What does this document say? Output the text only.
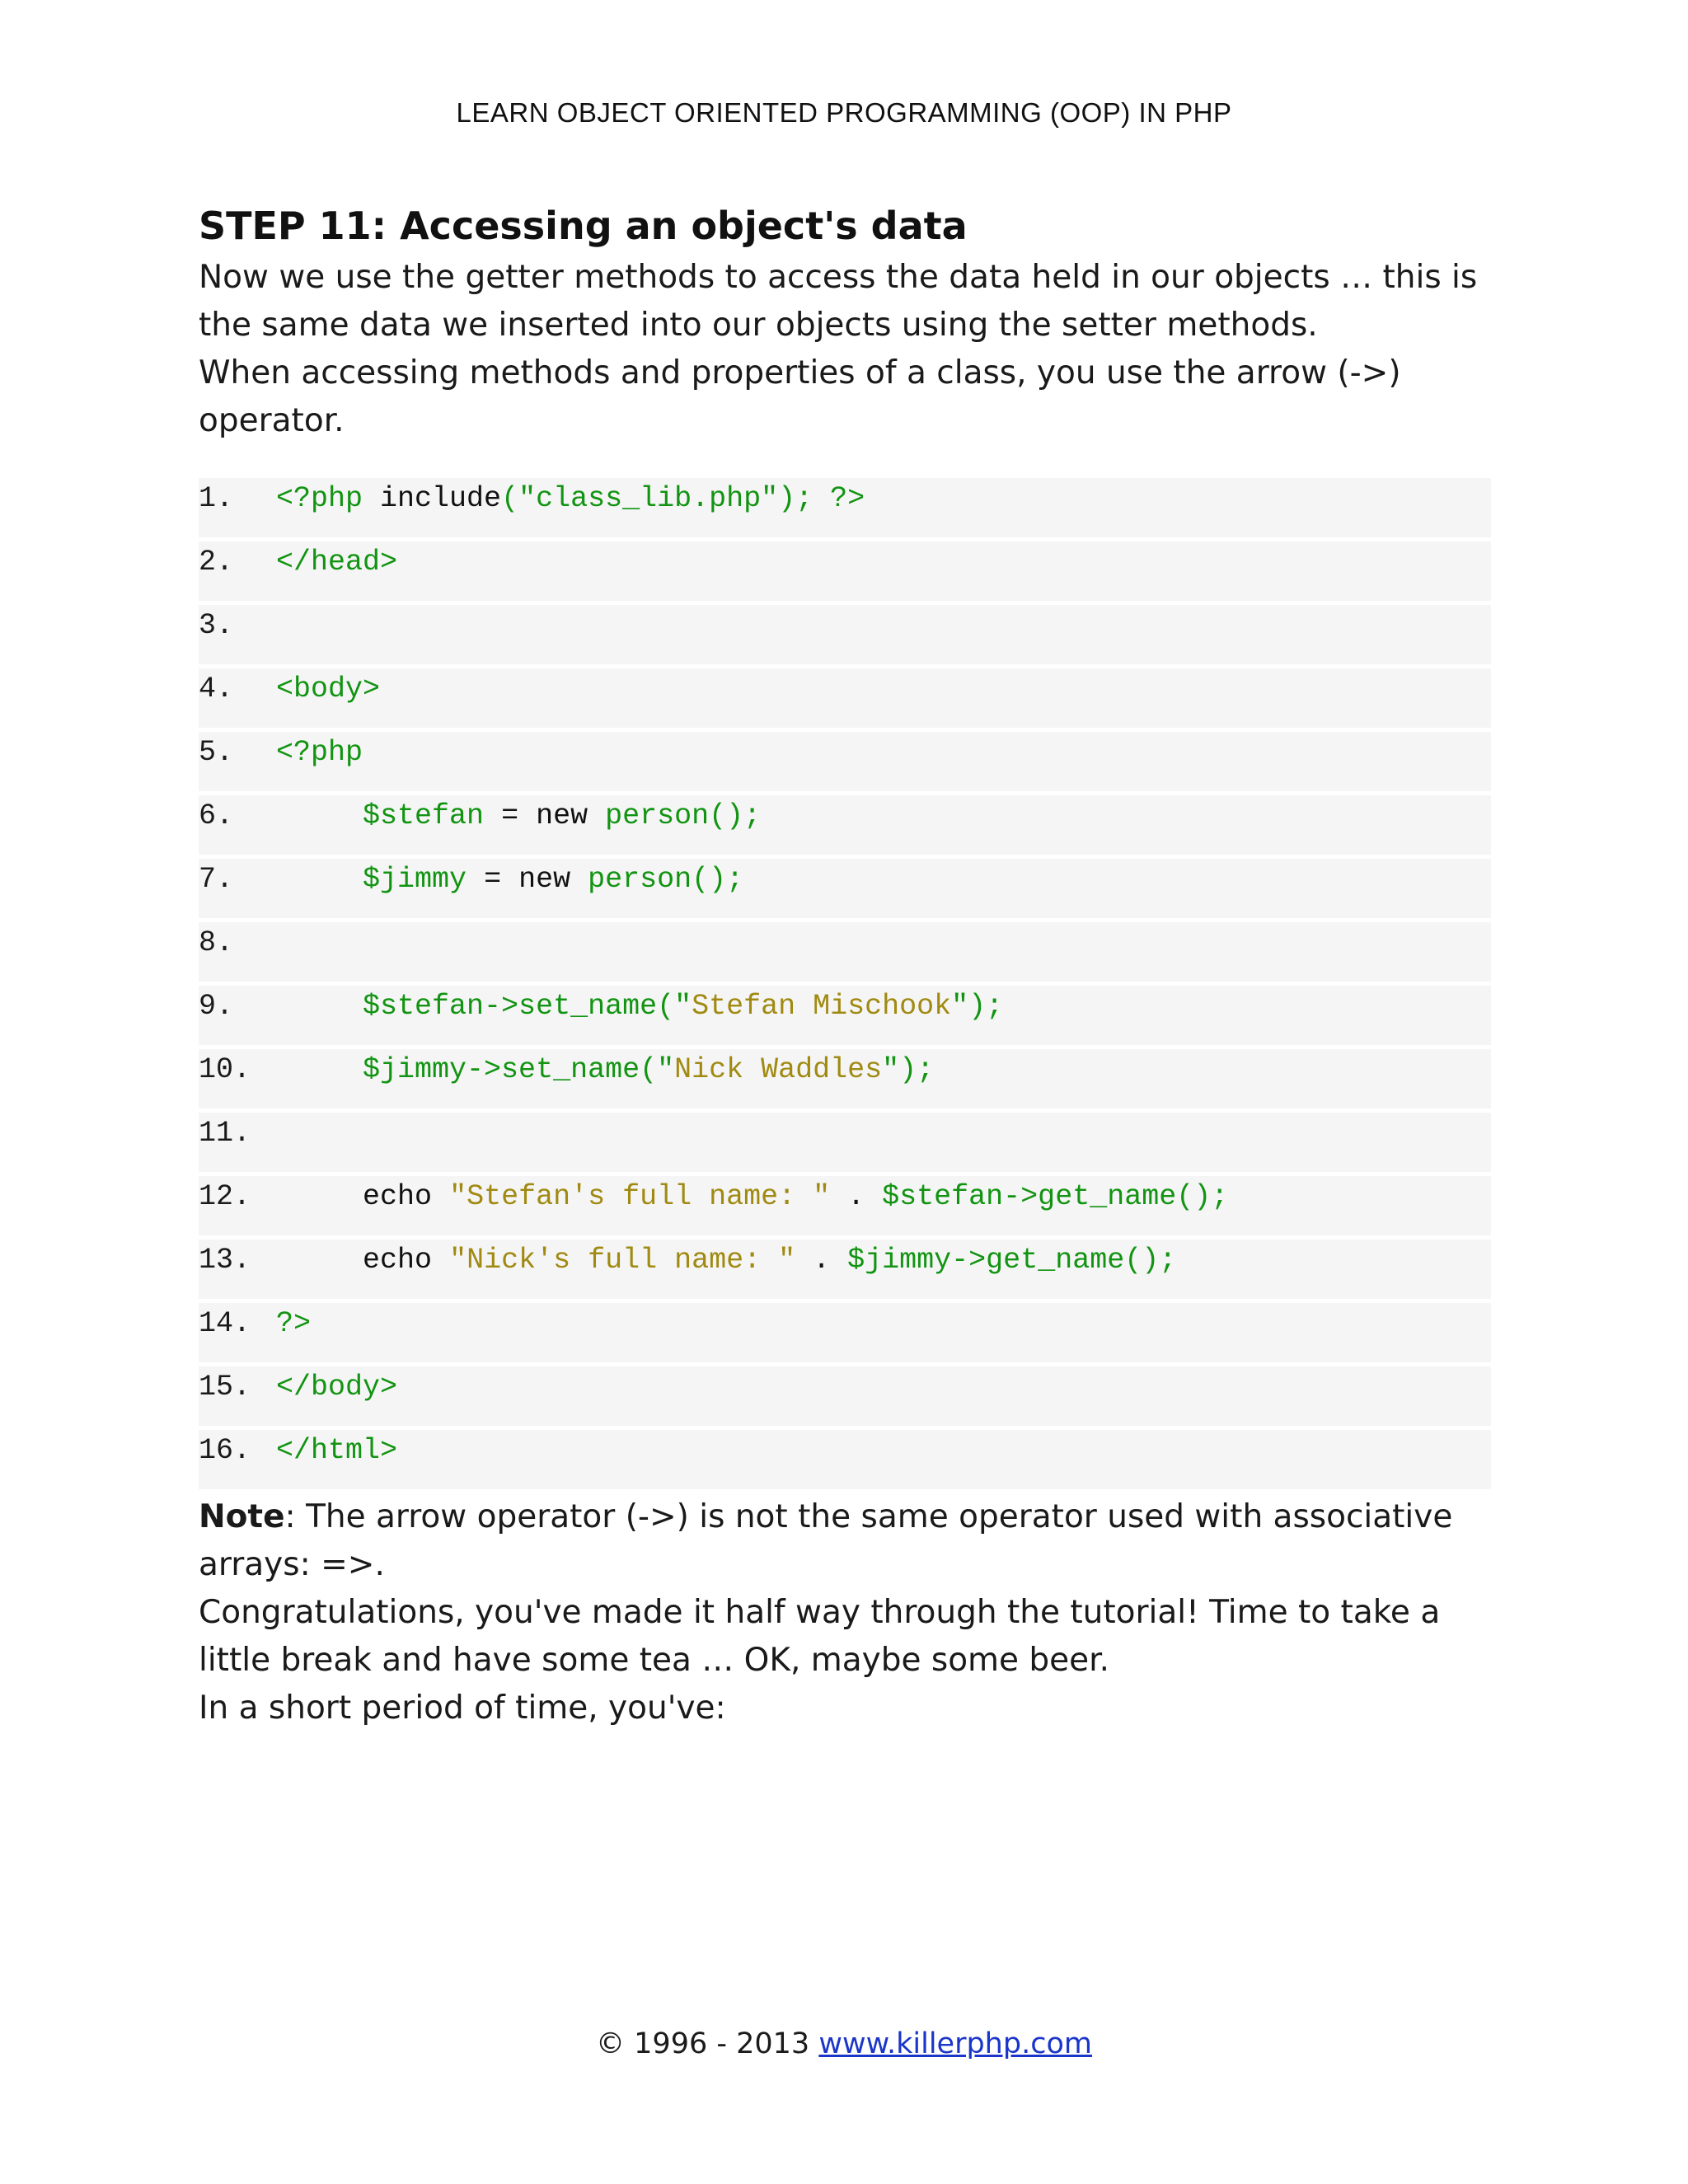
LEARN OBJECT ORIENTED PROGRAMMING (OOP) IN PHP
STEP 11: Accessing an object's data

Now we use the getter methods to access the data held in our objects … this is the same data we inserted into our objects using the setter methods.

When accessing methods and properties of a class, you use the arrow (->) operator.

1. <?php include("class_lib.php"); ?>
2. </head>
3.
4. <body>
5. <?php
6.	$stefan = new person();
7.	$jimmy = new person();
8.
9.	$stefan->set_name("Stefan Mischook");
10.	$jimmy->set_name("Nick Waddles");
11.
12.	echo "Stefan's full name: " . $stefan->get_name();
13.	echo "Nick's full name: " . $jimmy->get_name();
14. ?>
15. </body>
16. </html>

Note: The arrow operator (->) is not the same operator used with associative arrays: =>.

Congratulations, you've made it half way through the tutorial! Time to take a little break and have some tea … OK, maybe some beer.

In a short period of time, you've:

© 1996 - 2013 www.killerphp.com
